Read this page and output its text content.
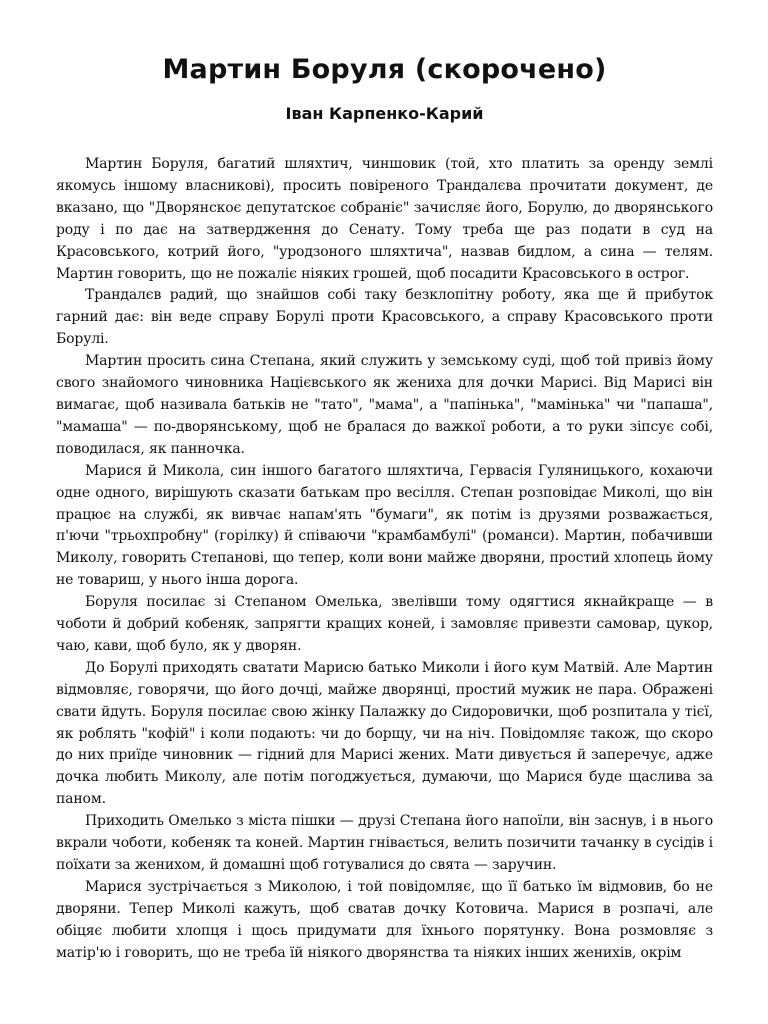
Мартин Боруля (скорочено)
Іван Карпенко-Карий

Мартин Боруля, багатий шляхтич, чиншовик (той, хто платить за оренду землі якомусь іншому власникові), просить повіреного Трандалєва прочитати документ, де вказано, що "Дворянскоє депутатскоє собраніє" зачисляє його, Борулю, до дворянського роду і по дає на затвердження до Сенату. Тому треба ще раз подати в суд на Красовського, котрий його, "уродзоного шляхтича", назвав бидлом, а сина — телям. Мартин говорить, що не пожаліє ніяких грошей, щоб посадити Красовського в острог.

Трандалєв радий, що знайшов собі таку безклопітну роботу, яка ще й прибуток гарний дає: він веде справу Борулі проти Красовського, а справу Красовського проти Борулі.

Мартин просить сина Степана, який служить у земському суді, щоб той привіз йому свого знайомого чиновника Націєвського як жениха для дочки Марисі. Від Марисі він вимагає, щоб називала батьків не "тато", "мама", а "папінька", "мамінька" чи "папаша", "мамаша" — по-дворянському, щоб не бралася до важкої роботи, а то руки зіпсує собі, поводилася, як панночка.

Марися й Микола, син іншого багатого шляхтича, Гервасія Гуляницького, кохаючи одне одного, вирішують сказати батькам про весілля. Степан розповідає Миколі, що він працює на службі, як вивчає напам'ять "бумаги", як потім із друзями розважається, п'ючи "трьохпробну" (горілку) й співаючи "крамбамбулі" (романси). Мартин, побачивши Миколу, говорить Степанові, що тепер, коли вони майже дворяни, простий хлопець йому не товариш, у нього інша дорога.

Боруля посилає зі Степаном Омелька, звелівши тому одягтися якнайкраще — в чоботи й добрий кобеняк, запрягти кращих коней, і замовляє привезти самовар, цукор, чаю, кави, щоб було, як у дворян.

До Борулі приходять сватати Марисю батько Миколи і його кум Матвій. Але Мартин відмовляє, говорячи, що його дочці, майже дворянці, простий мужик не пара. Ображені свати йдуть. Боруля посилає свою жінку Палажку до Сидоровички, щоб розпитала у тієї, як роблять "кофій" і коли подають: чи до борщу, чи на ніч. Повідомляє також, що скоро до них приїде чиновник — гідний для Марисі жених. Мати дивується й заперечує, адже дочка любить Миколу, але потім погоджується, думаючи, що Марися буде щаслива за паном.

Приходить Омелько з міста пішки — друзі Степана його напоїли, він заснув, і в нього вкрали чоботи, кобеняк та коней. Мартин гнівається, велить позичити тачанку в сусідів і поїхати за женихом, й домашні щоб готувалися до свята — заручин.

Марися зустрічається з Миколою, і той повідомляє, що її батько їм відмовив, бо не дворяни. Тепер Миколі кажуть, щоб сватав дочку Котовича. Марися в розпачі, але обіцяє любити хлопця і щось придумати для їхнього порятунку. Вона розмовляє з матір'ю і говорить, що не треба їй ніякого дворянства та ніяких інших женихів, окрім
